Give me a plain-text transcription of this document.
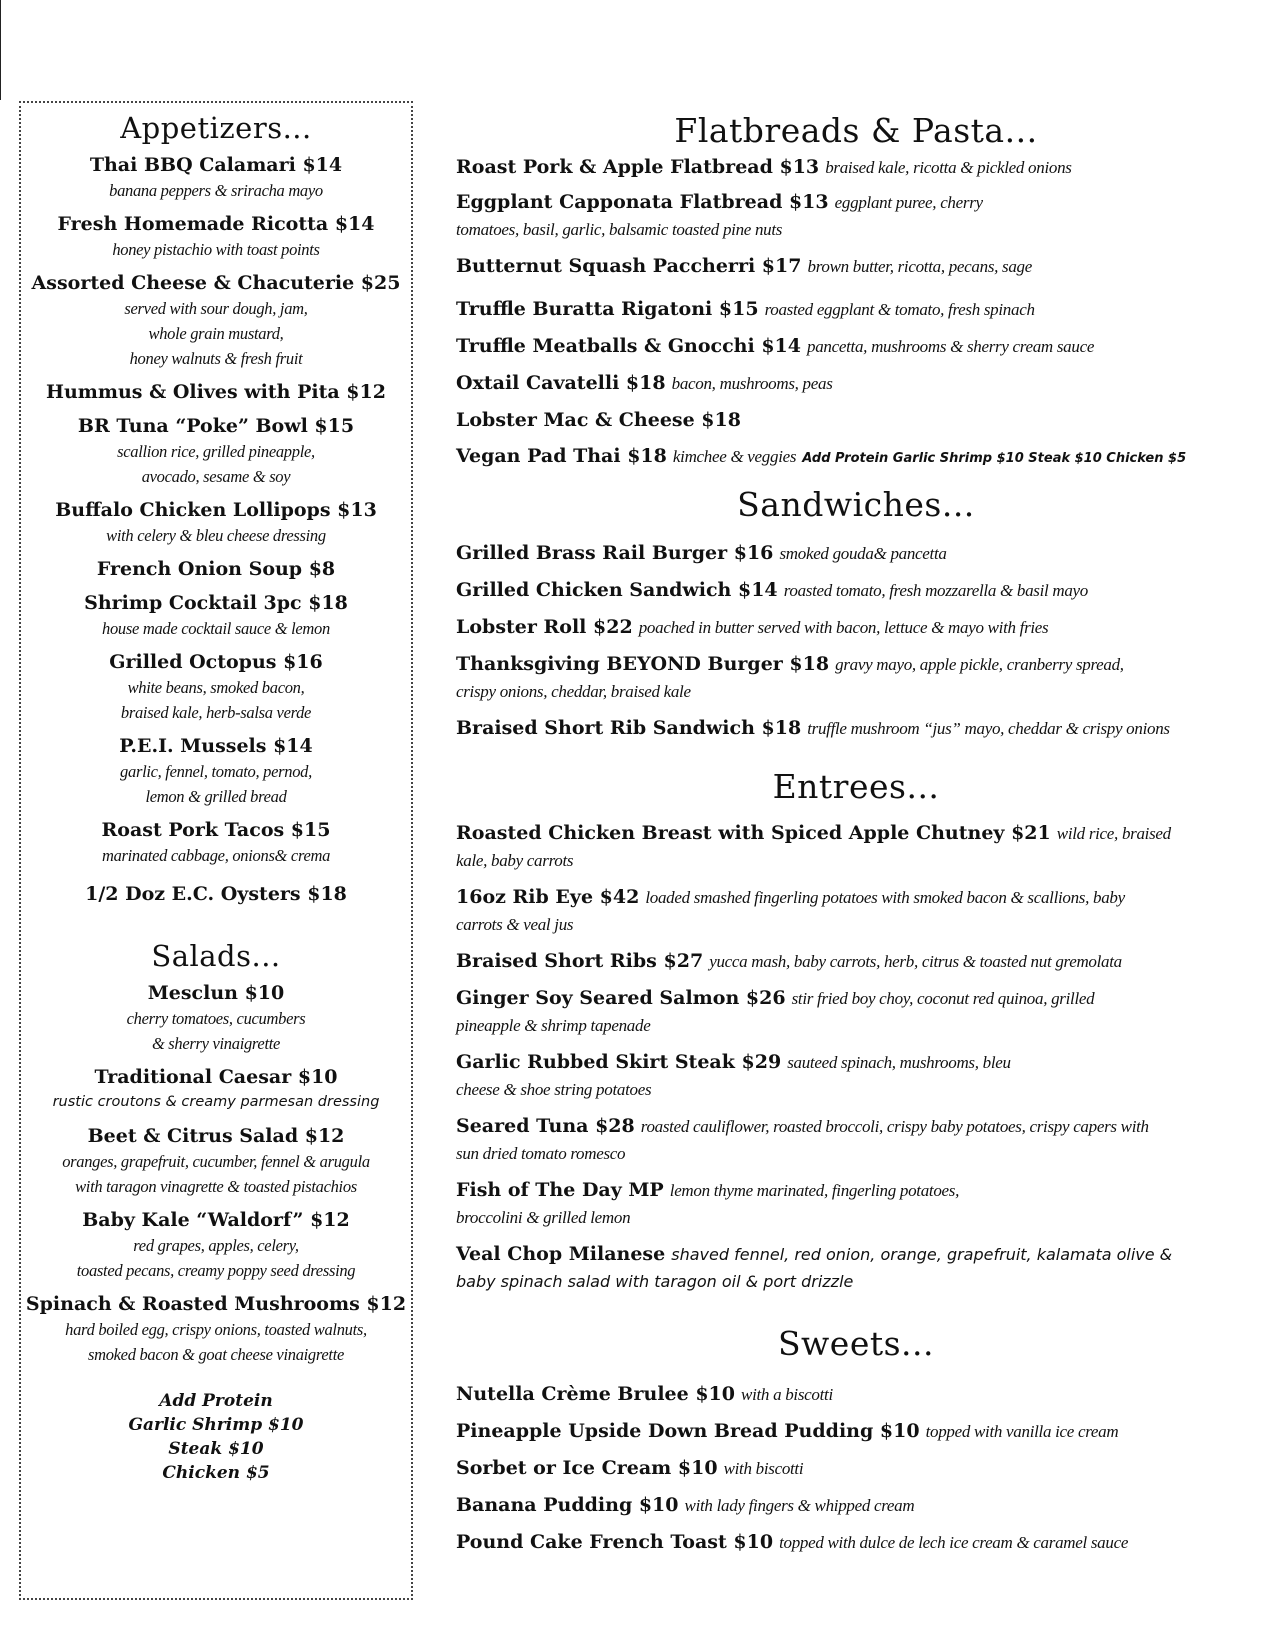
Appetizers...
Thai BBQ Calamari $14
banana peppers & sriracha mayo
Fresh Homemade Ricotta $14
honey pistachio with toast points
Assorted Cheese & Chacuterie $25
served with sour dough, jam,
whole grain mustard,
honey walnuts & fresh fruit
Hummus & Olives with Pita $12
BR Tuna “Poke” Bowl $15
scallion rice, grilled pineapple,
avocado, sesame & soy
Buffalo Chicken Lollipops $13
with celery & bleu cheese dressing
French Onion Soup $8
Shrimp Cocktail 3pc $18
house made cocktail sauce & lemon
Grilled Octopus $16
white beans, smoked bacon,
braised kale, herb-salsa verde
P.E.I. Mussels $14
garlic, fennel, tomato, pernod,
lemon & grilled bread
Roast Pork Tacos $15
marinated cabbage, onions& crema
1/2 Doz E.C. Oysters $18
Salads...
Mesclun $10
cherry tomatoes, cucumbers
& sherry vinaigrette
Traditional Caesar $10
rustic croutons & creamy parmesan dressing
Beet & Citrus Salad $12
oranges, grapefruit, cucumber, fennel & arugula
with taragon vinagrette & toasted pistachios
Baby Kale “Waldorf” $12
red grapes, apples, celery,
toasted pecans, creamy poppy seed dressing
Spinach & Roasted Mushrooms $12
hard boiled egg, crispy onions, toasted walnuts,
smoked bacon & goat cheese vinaigrette
Add Protein
Garlic Shrimp $10
Steak $10
Chicken $5
Flatbreads & Pasta...
Roast Pork & Apple Flatbread $13 braised kale, ricotta & pickled onions
Eggplant Capponata Flatbread $13 eggplant puree, cherry tomatoes, basil, garlic, balsamic toasted pine nuts
Butternut Squash Paccherri $17 brown butter, ricotta, pecans, sage
Truffle Buratta Rigatoni $15 roasted eggplant & tomato, fresh spinach
Truffle Meatballs & Gnocchi $14 pancetta, mushrooms & sherry cream sauce
Oxtail Cavatelli $18 bacon, mushrooms, peas
Lobster Mac & Cheese $18
Vegan Pad Thai $18 kimchee & veggies Add Protein Garlic Shrimp $10 Steak $10 Chicken $5
Sandwiches...
Grilled Brass Rail Burger $16 smoked gouda& pancetta
Grilled Chicken Sandwich $14 roasted tomato, fresh mozzarella & basil mayo
Lobster Roll $22 poached in butter served with bacon, lettuce & mayo with fries
Thanksgiving BEYOND Burger $18 gravy mayo, apple pickle, cranberry spread, crispy onions, cheddar, braised kale
Braised Short Rib Sandwich $18 truffle mushroom “jus” mayo, cheddar & crispy onions
Entrees...
Roasted Chicken Breast with Spiced Apple Chutney $21 wild rice, braised kale, baby carrots
16oz Rib Eye $42 loaded smashed fingerling potatoes with smoked bacon & scallions, baby carrots & veal jus
Braised Short Ribs $27 yucca mash, baby carrots, herb, citrus & toasted nut gremolata
Ginger Soy Seared Salmon $26 stir fried boy choy, coconut red quinoa, grilled pineapple & shrimp tapenade
Garlic Rubbed Skirt Steak $29 sauteed spinach, mushrooms, bleu cheese & shoe string potatoes
Seared Tuna $28 roasted cauliflower, roasted broccoli, crispy baby potatoes, crispy capers with sun dried tomato romesco
Fish of The Day MP lemon thyme marinated, fingerling potatoes, broccolini & grilled lemon
Veal Chop Milanese shaved fennel, red onion, orange, grapefruit, kalamata olive & baby spinach salad with taragon oil & port drizzle
Sweets...
Nutella Crème Brulee $10 with a biscotti
Pineapple Upside Down Bread Pudding $10 topped with vanilla ice cream
Sorbet or Ice Cream $10 with biscotti
Banana Pudding $10 with lady fingers & whipped cream
Pound Cake French Toast $10 topped with dulce de lech ice cream & caramel sauce
